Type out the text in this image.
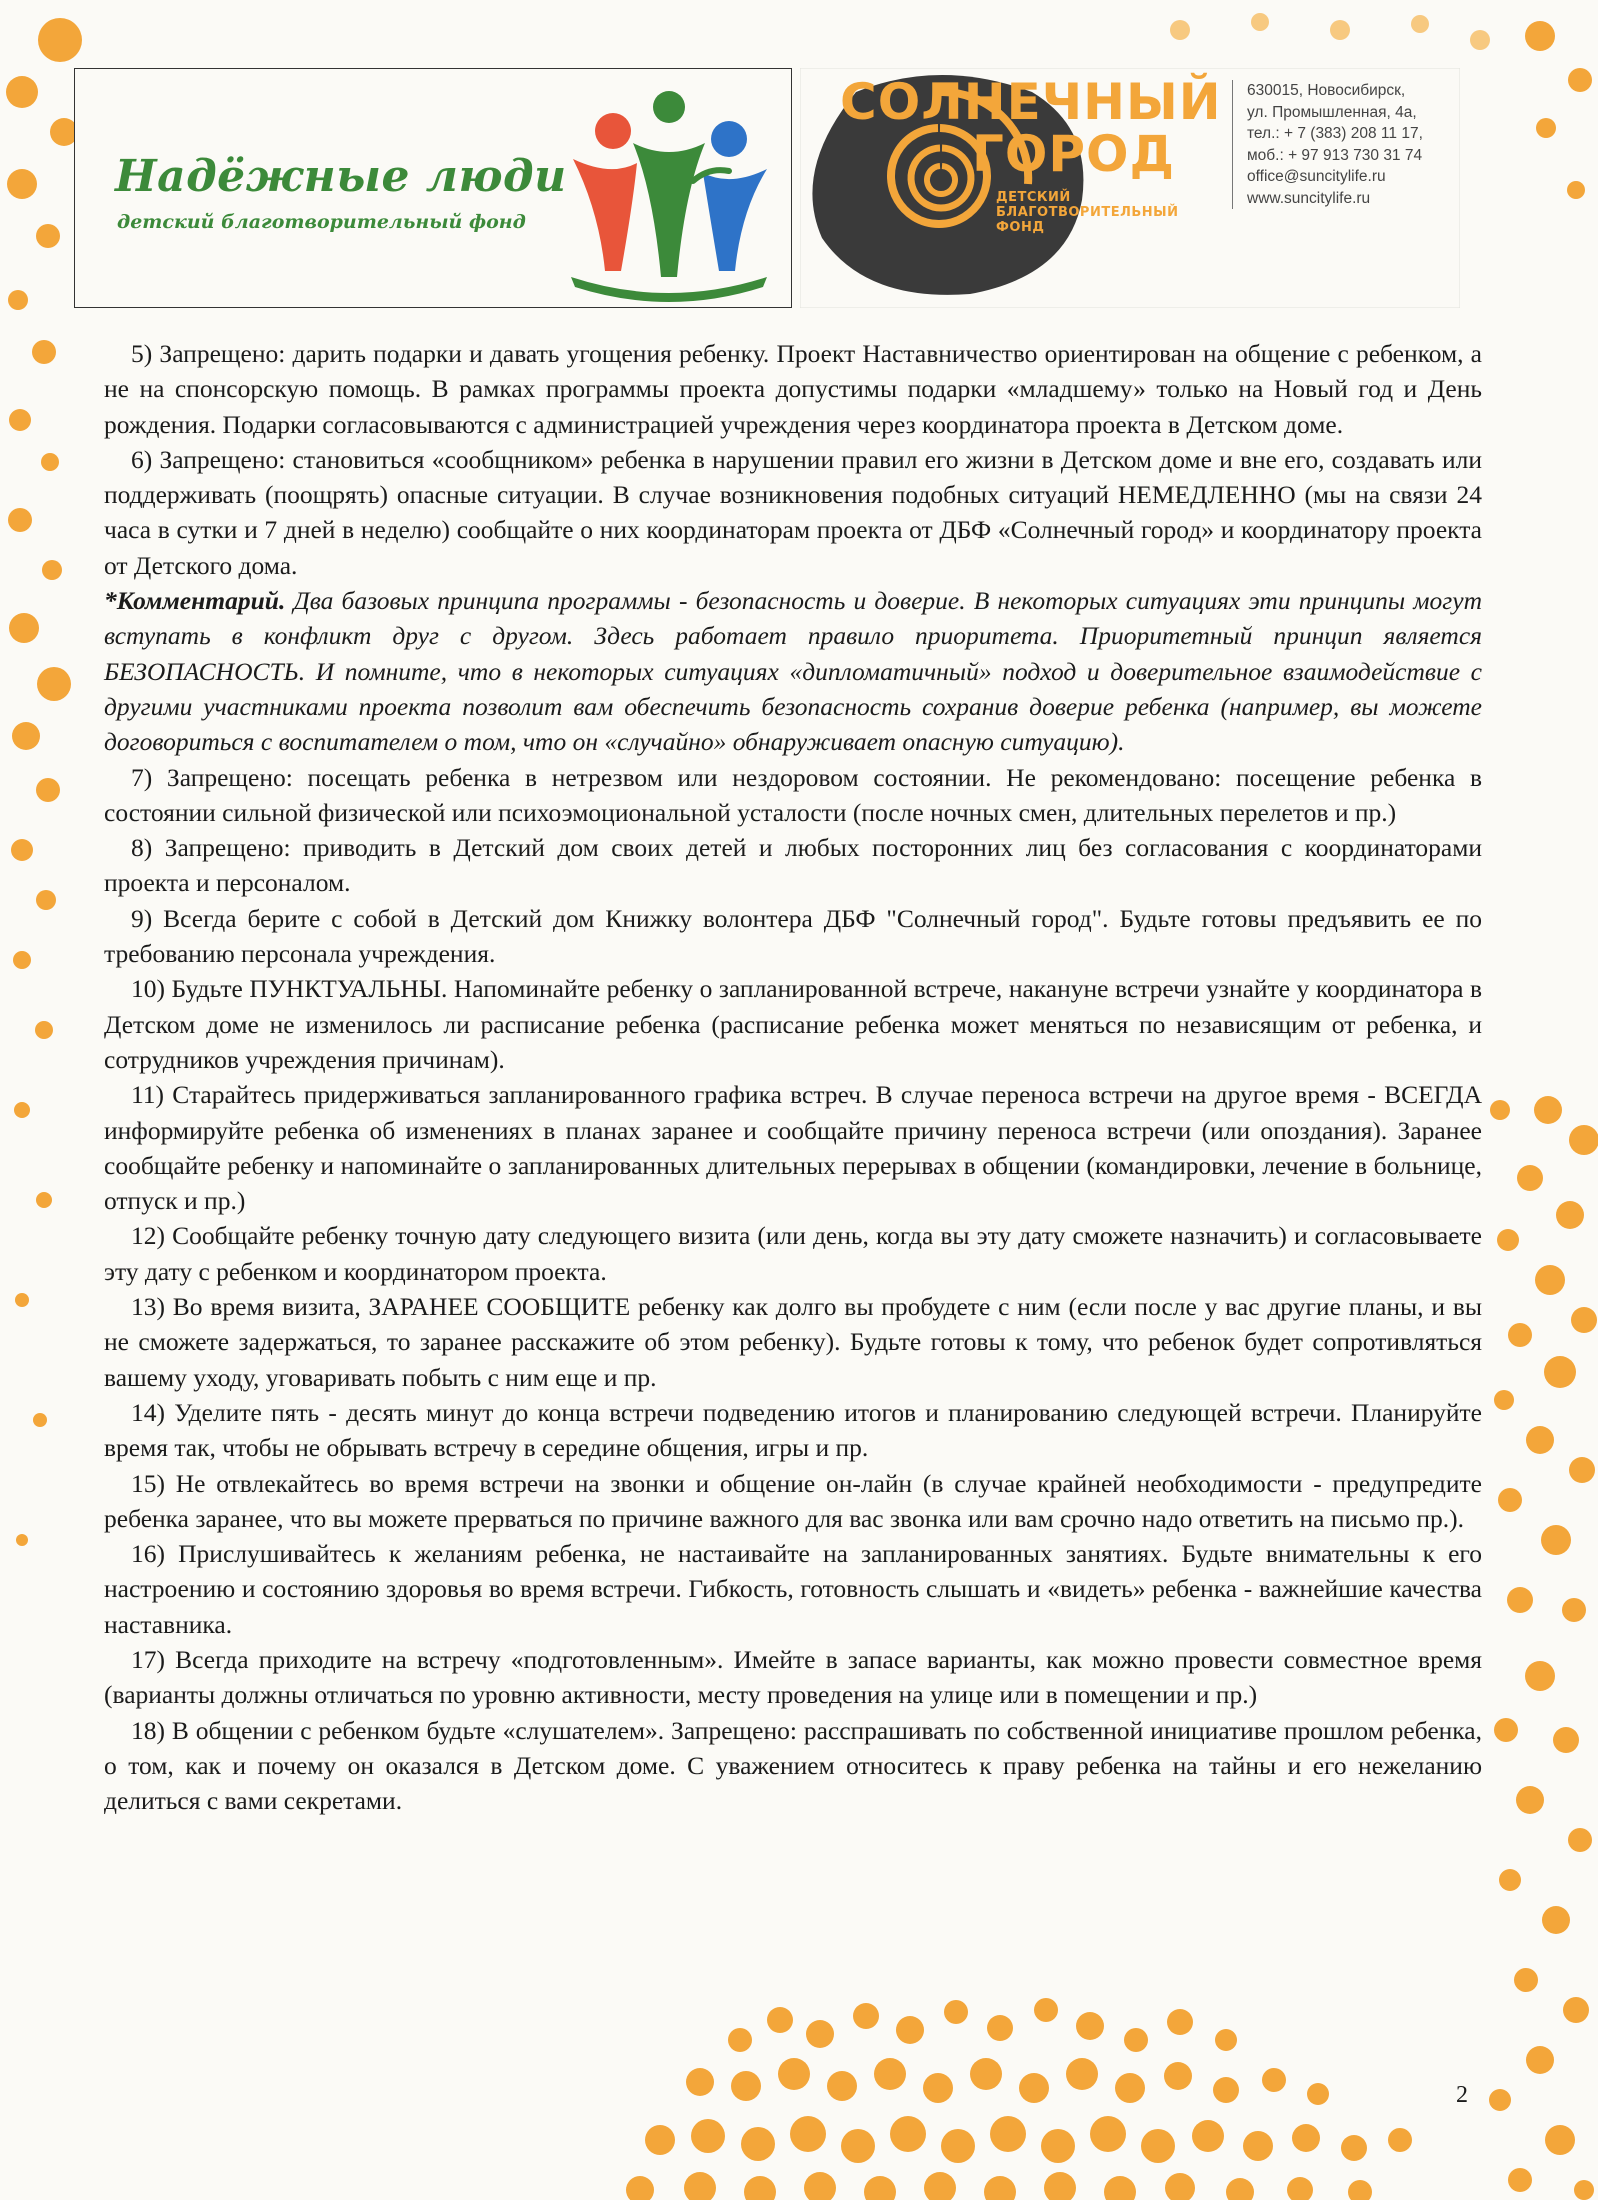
Надёжные люди
детский благотворительный фонд
СОЛНЕЧНЫЙ
ГОРОД
ДЕТСКИЙ
БЛАГОТВОРИТЕЛЬНЫЙ
ФОНД
630015, Новосибирск,
ул. Промышленная, 4а,
тел.: + 7 (383) 208 11 17,
моб.: + 97 913 730 31 74
office@suncitylife.ru
www.suncitylife.ru

5) Запрещено: дарить подарки и давать угощения ребенку. Проект Наставничество ориентирован на общение с ребенком, а не на спонсорскую помощь. В рамках программы проекта допустимы подарки «младшему» только на Новый год и День рождения. Подарки согласовываются с администрацией учреждения через координатора проекта в Детском доме.

6) Запрещено: становиться «сообщником» ребенка в нарушении правил его жизни в Детском доме и вне его, создавать или поддерживать (поощрять) опасные ситуации. В случае возникновения подобных ситуаций НЕМЕДЛЕННО (мы на связи 24 часа в сутки и 7 дней в неделю) сообщайте о них координаторам проекта от ДБФ «Солнечный город» и координатору проекта от Детского дома.

*Комментарий. Два базовых принципа программы - безопасность и доверие. В некоторых ситуациях эти принципы могут вступать в конфликт друг с другом. Здесь работает правило приоритета. Приоритетный принцип является БЕЗОПАСНОСТЬ. И помните, что в некоторых ситуациях «дипломатичный» подход и доверительное взаимодействие с другими участниками проекта позволит вам обеспечить безопасность сохранив доверие ребенка (например, вы можете договориться с воспитателем о том, что он «случайно» обнаруживает опасную ситуацию).

7) Запрещено: посещать ребенка в нетрезвом или нездоровом состоянии. Не рекомендовано: посещение ребенка в состоянии сильной физической или психоэмоциональной усталости (после ночных смен, длительных перелетов и пр.)

8) Запрещено: приводить в Детский дом своих детей и любых посторонних лиц без согласования с координаторами проекта и персоналом.

9) Всегда берите с собой в Детский дом Книжку волонтера ДБФ "Солнечный город". Будьте готовы предъявить ее по требованию персонала учреждения.

10) Будьте ПУНКТУАЛЬНЫ. Напоминайте ребенку о запланированной встрече, накануне встречи узнайте у координатора в Детском доме не изменилось ли расписание ребенка (расписание ребенка может меняться по независящим от ребенка, и сотрудников учреждения причинам).

11) Старайтесь придерживаться запланированного графика встреч. В случае переноса встречи на другое время - ВСЕГДА информируйте ребенка об изменениях в планах заранее и сообщайте причину переноса встречи (или опоздания). Заранее сообщайте ребенку и напоминайте о запланированных длительных перерывах в общении (командировки, лечение в больнице, отпуск и пр.)

12) Сообщайте ребенку точную дату следующего визита (или день, когда вы эту дату сможете назначить) и согласовываете эту дату с ребенком и координатором проекта.

13) Во время визита, ЗАРАНЕЕ СООБЩИТЕ ребенку как долго вы пробудете с ним (если после у вас другие планы, и вы не сможете задержаться, то заранее расскажите об этом ребенку). Будьте готовы к тому, что ребенок будет сопротивляться вашему уходу, уговаривать побыть с ним еще и пр.

14) Уделите пять - десять минут до конца встречи подведению итогов и планированию следующей встречи. Планируйте время так, чтобы не обрывать встречу в середине общения, игры и пр.

15) Не отвлекайтесь во время встречи на звонки и общение он-лайн (в случае крайней необходимости - предупредите ребенка заранее, что вы можете прерваться по причине важного для вас звонка или вам срочно надо ответить на письмо пр.).

16) Прислушивайтесь к желаниям ребенка, не настаивайте на запланированных занятиях. Будьте внимательны к его настроению и состоянию здоровья во время встречи. Гибкость, готовность слышать и «видеть» ребенка - важнейшие качества наставника.

17) Всегда приходите на встречу «подготовленным». Имейте в запасе варианты, как можно провести совместное время (варианты должны отличаться по уровню активности, месту проведения на улице или в помещении и пр.)

18) В общении с ребенком будьте «слушателем». Запрещено: расспрашивать по собственной инициативе прошлом ребенка, о том, как и почему он оказался в Детском доме. С уважением относитесь к праву ребенка на тайны и его нежеланию делиться с вами секретами.

2
